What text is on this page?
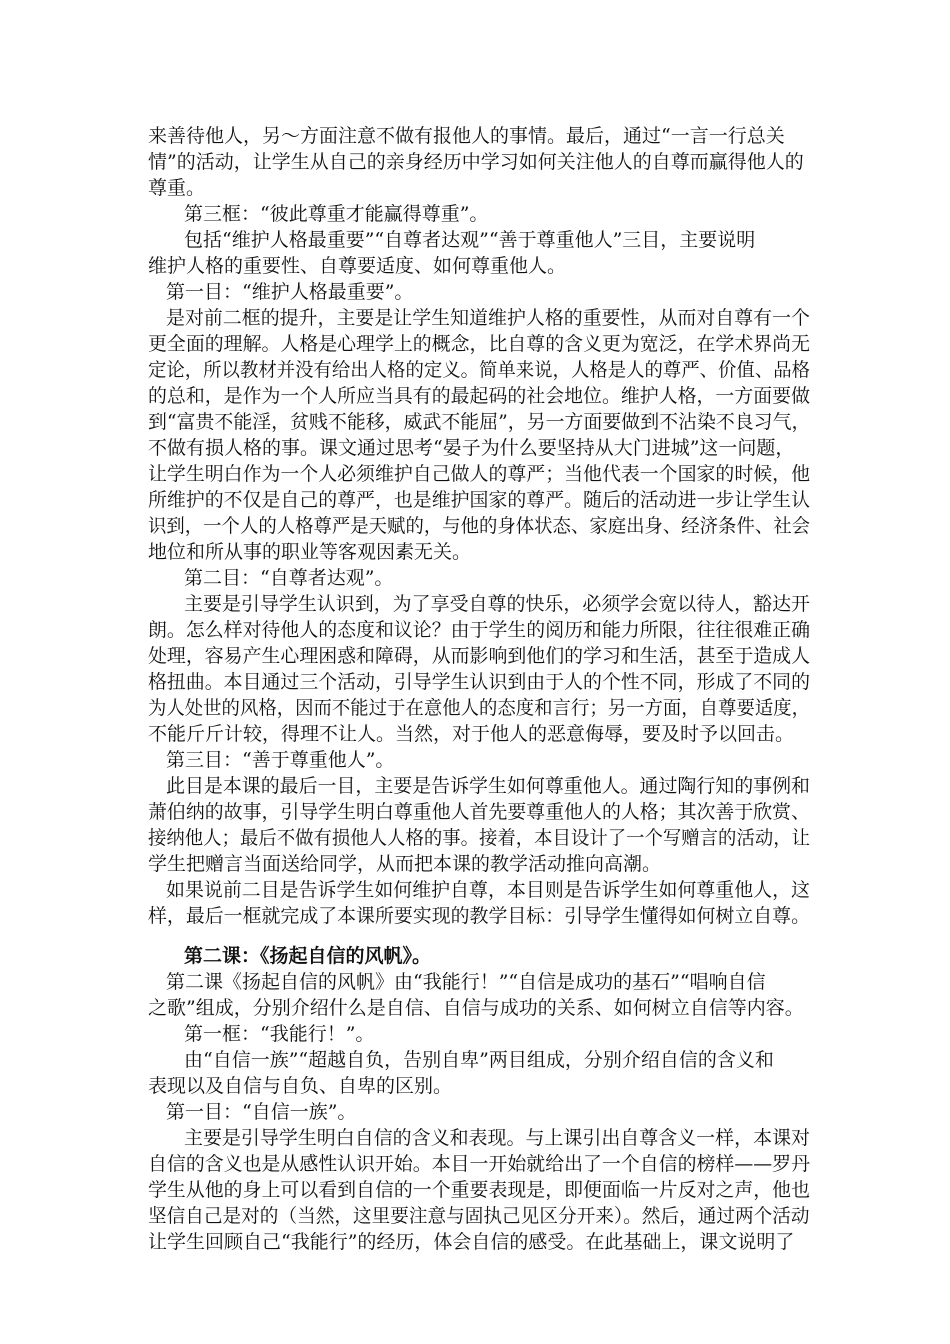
来善待他人，另～方面注意不做有报他人的事情。最后，通过“一言一行总关
情”的活动，让学生从自己的亲身经历中学习如何关注他人的自尊而赢得他人的
尊重。
第三框：“彼此尊重才能赢得尊重”。
包括“维护人格最重要”“自尊者达观”“善于尊重他人”三目，主要说明
维护人格的重要性、自尊要适度、如何尊重他人。
第一目：“维护人格最重要”。
是对前二框的提升，主要是让学生知道维护人格的重要性，从而对自尊有一个
更全面的理解。人格是心理学上的概念，比自尊的含义更为宽泛，在学术界尚无
定论，所以教材并没有给出人格的定义。简单来说，人格是人的尊严、价值、品格
的总和，是作为一个人所应当具有的最起码的社会地位。维护人格，一方面要做
到“富贵不能淫，贫贱不能移，威武不能屈”，另一方面要做到不沾染不良习气，
不做有损人格的事。课文通过思考“晏子为什么要坚持从大门进城”这一问题，
让学生明白作为一个人必须维护自己做人的尊严；当他代表一个国家的时候，他
所维护的不仅是自己的尊严，也是维护国家的尊严。随后的活动进一步让学生认
识到，一个人的人格尊严是天赋的，与他的身体状态、家庭出身、经济条件、社会
地位和所从事的职业等客观因素无关。
第二目：“自尊者达观”。
主要是引导学生认识到，为了享受自尊的快乐，必须学会宽以待人，豁达开
朗。怎么样对待他人的态度和议论？由于学生的阅历和能力所限，往往很难正确
处理，容易产生心理困惑和障碍，从而影响到他们的学习和生活，甚至于造成人
格扭曲。本目通过三个活动，引导学生认识到由于人的个性不同，形成了不同的
为人处世的风格，因而不能过于在意他人的态度和言行；另一方面，自尊要适度，
不能斤斤计较，得理不让人。当然，对于他人的恶意侮辱，要及时予以回击。
第三目：“善于尊重他人”。
此目是本课的最后一目，主要是告诉学生如何尊重他人。通过陶行知的事例和
萧伯纳的故事，引导学生明白尊重他人首先要尊重他人的人格；其次善于欣赏、
接纳他人；最后不做有损他人人格的事。接着，本目设计了一个写赠言的活动，让
学生把赠言当面送给同学，从而把本课的教学活动推向高潮。
如果说前二目是告诉学生如何维护自尊，本目则是告诉学生如何尊重他人，这
样，最后一框就完成了本课所要实现的教学目标：引导学生懂得如何树立自尊。
第二课：《扬起自信的风帆》。
第二课《扬起自信的风帆》由“我能行！”“自信是成功的基石”“唱响自信
之歌”组成，分别介绍什么是自信、自信与成功的关系、如何树立自信等内容。
第一框：“我能行！”。
由“自信一族”“超越自负，告别自卑”两目组成，分别介绍自信的含义和
表现以及自信与自负、自卑的区别。
第一目：“自信一族”。
主要是引导学生明白自信的含义和表现。与上课引出自尊含义一样，本课对
自信的含义也是从感性认识开始。本目一开始就给出了一个自信的榜样——罗丹
学生从他的身上可以看到自信的一个重要表现是，即便面临一片反对之声，他也
坚信自己是对的（当然，这里要注意与固执己见区分开来）。然后，通过两个活动
让学生回顾自己“我能行”的经历，体会自信的感受。在此基础上，课文说明了
